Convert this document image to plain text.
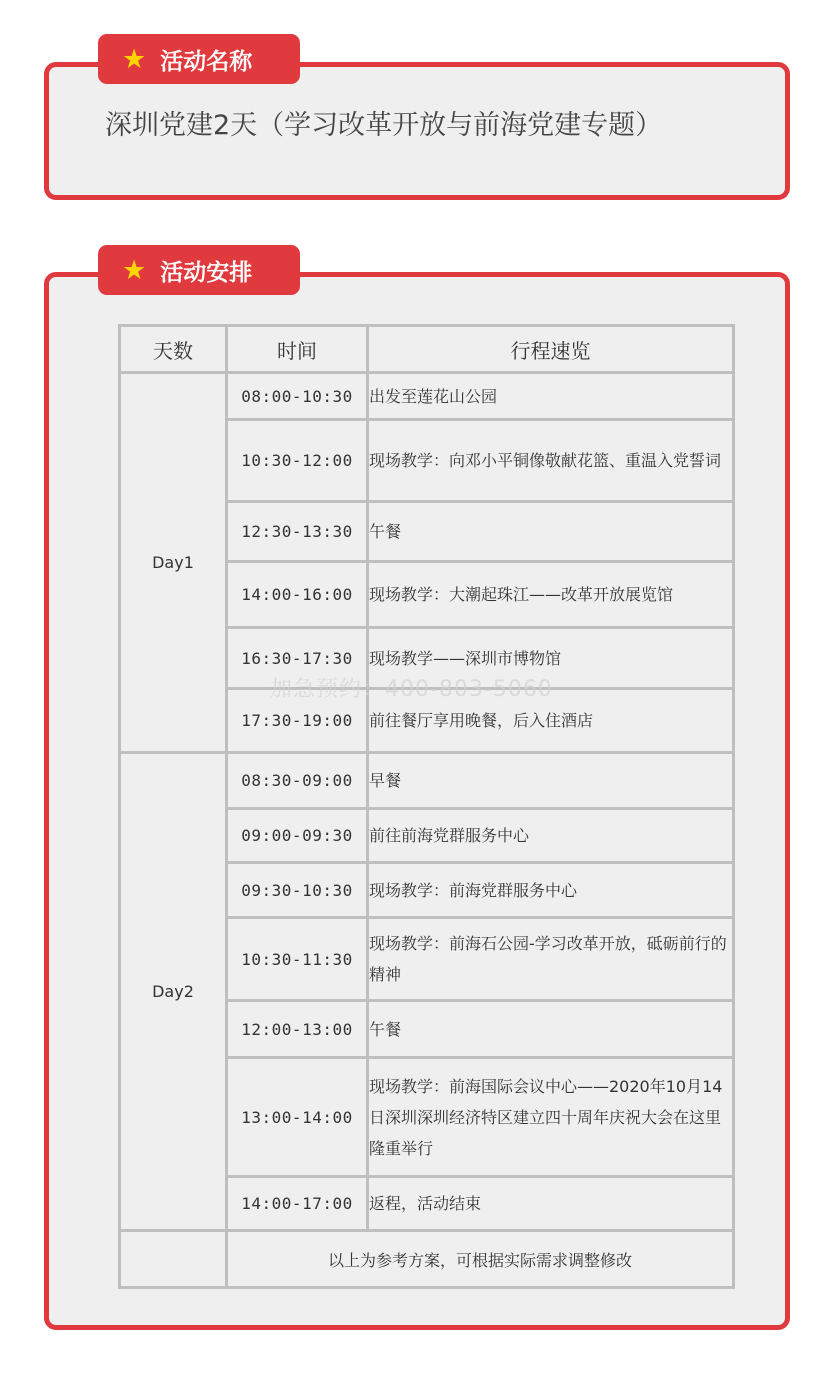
深圳党建2天（学习改革开放与前海党建专题）
★ 活动名称
★ 活动安排
天数	时间	行程速览
Day1	08:00-10:30	出发至莲花山公园
	10:30-12:00	现场教学：向邓小平铜像敬献花篮、重温入党誓词
	12:30-13:30	午餐
	14:00-16:00	现场教学：大潮起珠江——改革开放展览馆
	16:30-17:30	现场教学——深圳市博物馆
	17:30-19:00	前往餐厅享用晚餐，后入住酒店
Day2	08:30-09:00	早餐
	09:00-09:30	前往前海党群服务中心
	09:30-10:30	现场教学：前海党群服务中心
	10:30-11:30	现场教学：前海石公园-学习改革开放，砥砺前行的精神
	12:00-13:00	午餐
	13:00-14:00	现场教学：前海国际会议中心——2020年10月14日深圳深圳经济特区建立四十周年庆祝大会在这里隆重举行
	14:00-17:00	返程，活动结束
	以上为参考方案，可根据实际需求调整修改	
加急预约：400-803-5060
